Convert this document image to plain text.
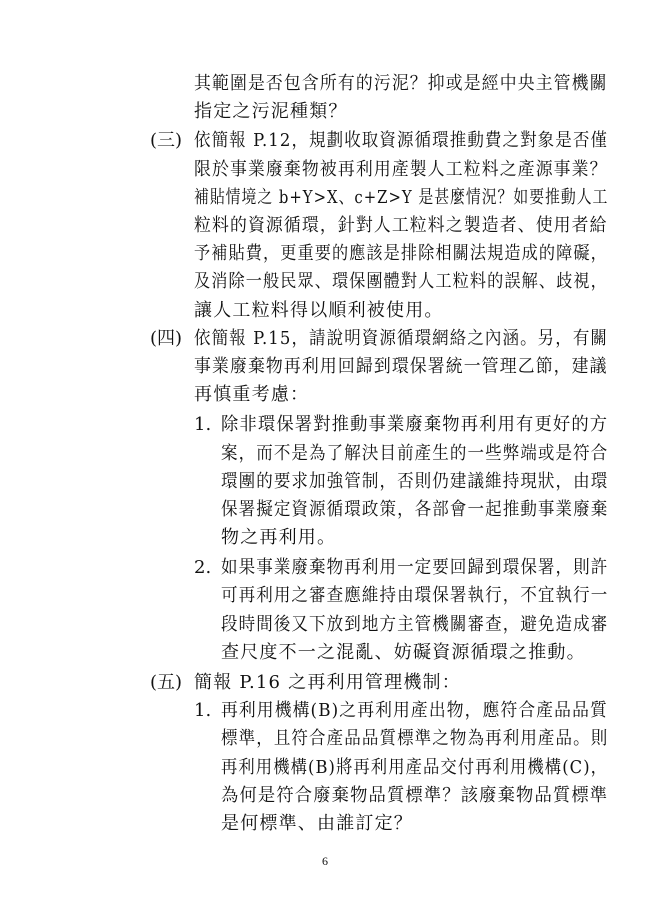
其範圍是否包含所有的污泥？抑或是經中央主管機關
指定之污泥種類？
(三) 依簡報 P.12，規劃收取資源循環推動費之對象是否僅
限於事業廢棄物被再利用產製人工粒料之產源事業？
補貼情境之 b+Y>X、c+Z>Y 是甚麼情況？如要推動人工
粒料的資源循環，針對人工粒料之製造者、使用者給
予補貼費，更重要的應該是排除相關法規造成的障礙，
及消除一般民眾、環保團體對人工粒料的誤解、歧視，
讓人工粒料得以順利被使用。
(四) 依簡報 P.15，請說明資源循環網絡之內涵。另，有關
事業廢棄物再利用回歸到環保署統一管理乙節，建議
再慎重考慮：
1. 除非環保署對推動事業廢棄物再利用有更好的方
案，而不是為了解決目前產生的一些弊端或是符合
環團的要求加強管制，否則仍建議維持現狀，由環
保署擬定資源循環政策，各部會一起推動事業廢棄
物之再利用。
2. 如果事業廢棄物再利用一定要回歸到環保署，則許
可再利用之審查應維持由環保署執行，不宜執行一
段時間後又下放到地方主管機關審查，避免造成審
查尺度不一之混亂、妨礙資源循環之推動。
(五) 簡報 P.16 之再利用管理機制：
1. 再利用機構(B)之再利用產出物，應符合產品品質
標準，且符合產品品質標準之物為再利用產品。則
再利用機構(B)將再利用產品交付再利用機構(C)，
為何是符合廢棄物品質標準？該廢棄物品質標準
是何標準、由誰訂定？
6
